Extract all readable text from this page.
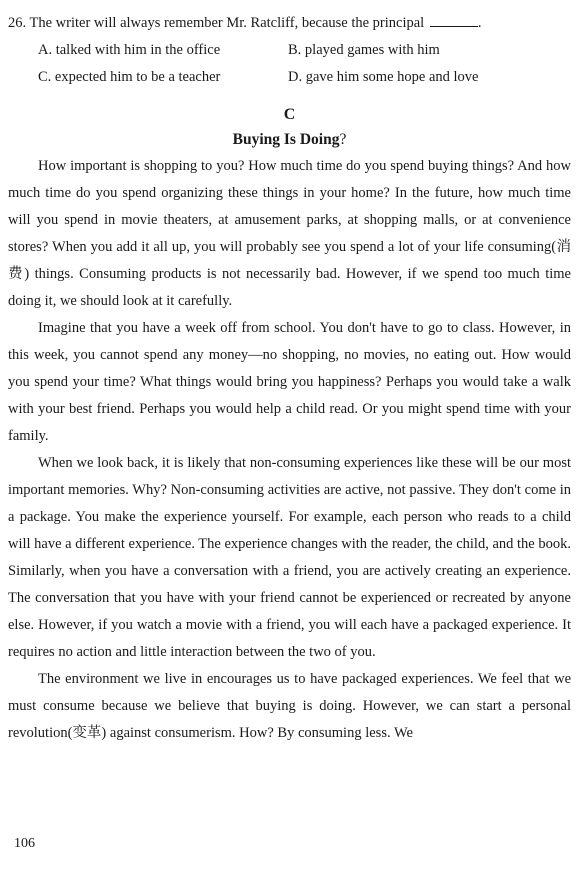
26. The writer will always remember Mr. Ratcliff, because the principal	.
A. talked with him in the office	B. played games with him
C. expected him to be a teacher	D. gave him some hope and love
C
Buying Is Doing?

How important is shopping to you? How much time do you spend buying things? And how much time do you spend organizing these things in your home? In the future, how much time will you spend in movie theaters, at amusement parks, at shopping malls, or at convenience stores? When you add it all up, you will probably see you spend a lot of your life consuming(消费) things. Consuming products is not necessarily bad. However, if we spend too much time doing it, we should look at it carefully.

Imagine that you have a week off from school. You don't have to go to class. However, in this week, you cannot spend any money—no shopping, no movies, no eating out. How would you spend your time? What things would bring you happiness? Perhaps you would take a walk with your best friend. Perhaps you would help a child read. Or you might spend time with your family.

When we look back, it is likely that non-consuming experiences like these will be our most important memories. Why? Non-consuming activities are active, not passive. They don't come in a package. You make the experience yourself. For example, each person who reads to a child will have a different experience. The experience changes with the reader, the child, and the book. Similarly, when you have a conversation with a friend, you are actively creating an experience. The conversation that you have with your friend cannot be experienced or recreated by anyone else. However, if you watch a movie with a friend, you will each have a packaged experience. It requires no action and little interaction between the two of you.

The environment we live in encourages us to have packaged experiences. We feel that we must consume because we believe that buying is doing. However, we can start a personal revolution(变革) against consumerism. How? By consuming less. We

106
